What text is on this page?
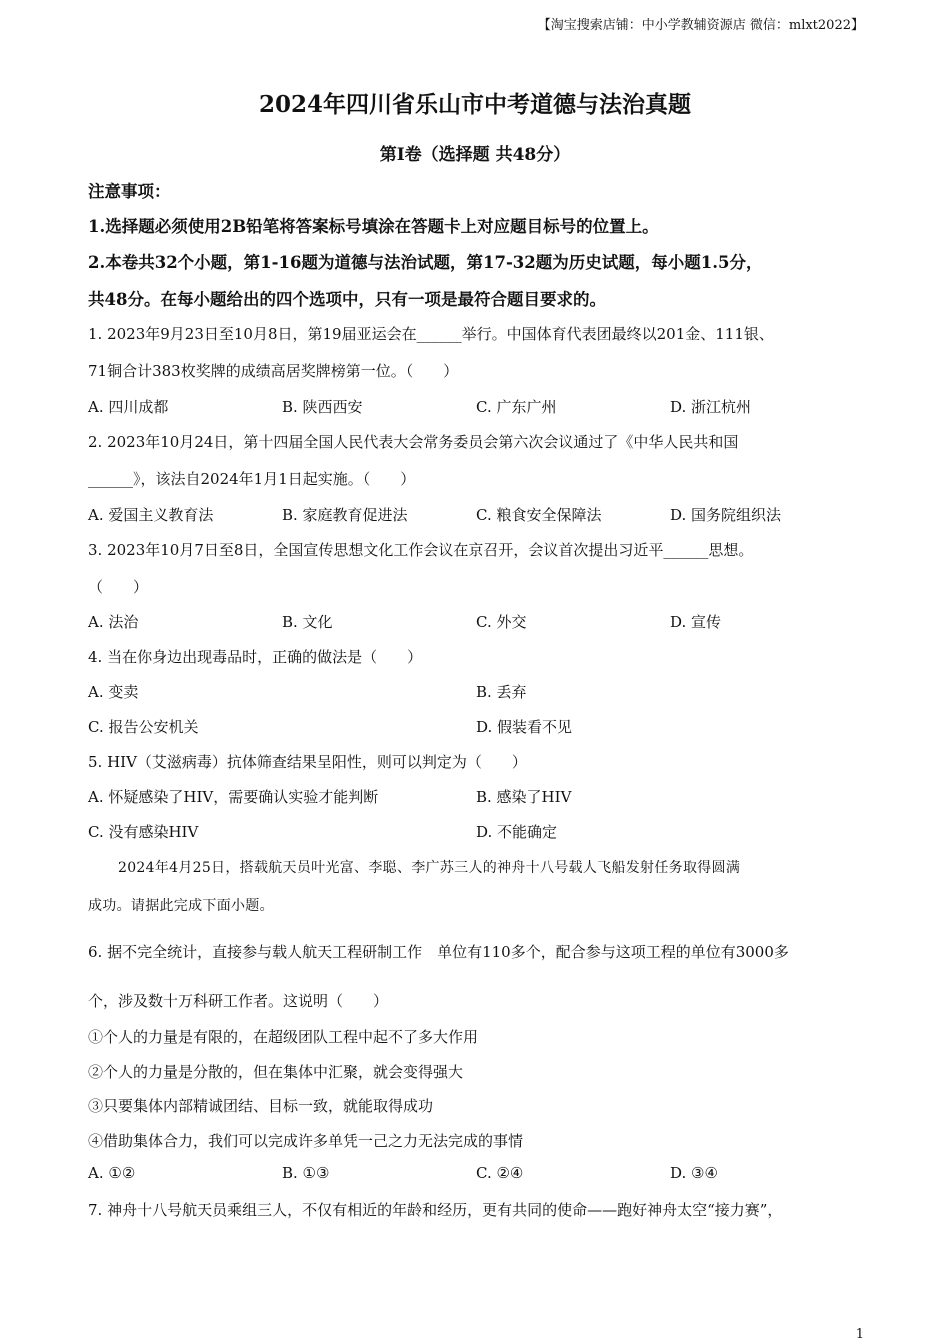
【淘宝搜索店铺：中小学教辅资源店 微信：mlxt2022】
2024年四川省乐山市中考道德与法治真题
第Ⅰ卷（选择题 共48分）
注意事项：
1.选择题必须使用2B铅笔将答案标号填涂在答题卡上对应题目标号的位置上。
2.本卷共32个小题，第1-16题为道德与法治试题，第17-32题为历史试题，每小题1.5分，
共48分。在每小题给出的四个选项中，只有一项是最符合题目要求的。
1. 2023年9月23日至10月8日，第19届亚运会在______举行。中国体育代表团最终以201金、111银、
71铜合计383枚奖牌的成绩高居奖牌榜第一位。（　　）
A. 四川成都	B. 陕西西安	C. 广东广州	D. 浙江杭州
2. 2023年10月24日，第十四届全国人民代表大会常务委员会第六次会议通过了《中华人民共和国
______》，该法自2024年1月1日起实施。（　　）
A. 爱国主义教育法	B. 家庭教育促进法	C. 粮食安全保障法	D. 国务院组织法
3. 2023年10月7日至8日，全国宣传思想文化工作会议在京召开，会议首次提出习近平______思想。
（　　）
A. 法治	B. 文化	C. 外交	D. 宣传
4. 当在你身边出现毒品时，正确的做法是（　　）
A. 变卖	B. 丢弃
C. 报告公安机关	D. 假装看不见
5. HIV（艾滋病毒）抗体筛查结果呈阳性，则可以判定为（　　）
A. 怀疑感染了HIV，需要确认实验才能判断	B. 感染了HIV
C. 没有感染HIV	D. 不能确定
2024年4月25日，搭载航天员叶光富、李聪、李广苏三人的神舟十八号载人飞船发射任务取得圆满
成功。请据此完成下面小题。
6. 据不完全统计，直接参与载人航天工程研制工作　单位有110多个，配合参与这项工程的单位有3000多
个，涉及数十万科研工作者。这说明（　　）
①个人的力量是有限的，在超级团队工程中起不了多大作用
②个人的力量是分散的，但在集体中汇聚，就会变得强大
③只要集体内部精诚团结、目标一致，就能取得成功
④借助集体合力，我们可以完成许多单凭一己之力无法完成的事情
A. ①②	B. ①③	C. ②④	D. ③④
7. 神舟十八号航天员乘组三人，不仅有相近的年龄和经历，更有共同的使命——跑好神舟太空“接力赛”，
1
